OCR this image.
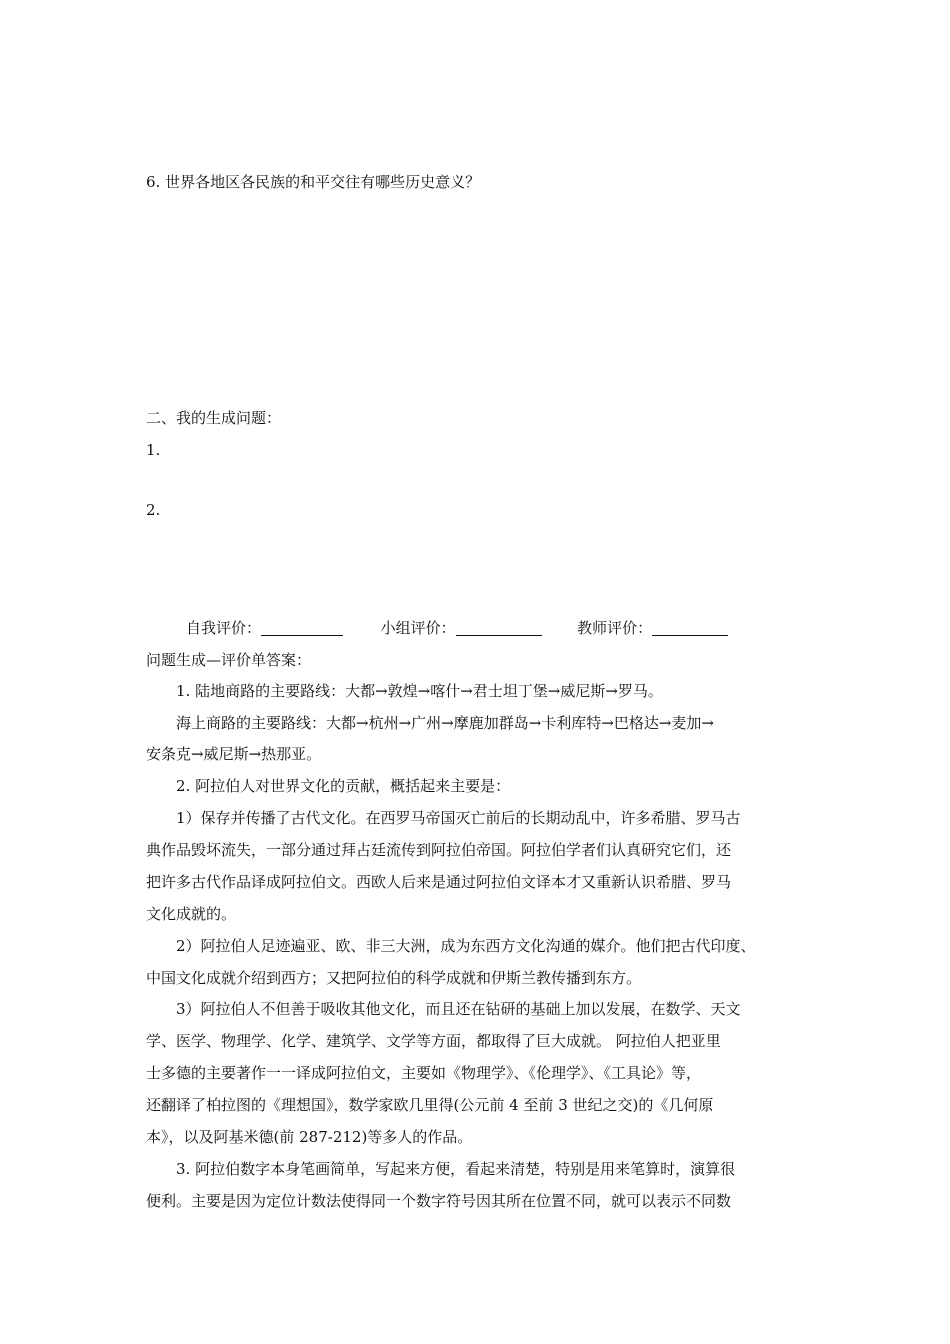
6. 世界各地区各民族的和平交往有哪些历史意义？
二、我的生成问题：
1.
2.
自我评价：	小组评价：	教师评价：
问题生成—评价单答案：
1. 陆地商路的主要路线：大都→敦煌→喀什→君士坦丁堡→威尼斯→罗马。
海上商路的主要路线：大都→杭州→广州→摩鹿加群岛→卡利库特→巴格达→麦加→
安条克→威尼斯→热那亚。
2. 阿拉伯人对世界文化的贡献，概括起来主要是：
1）保存并传播了古代文化。在西罗马帝国灭亡前后的长期动乱中，许多希腊、罗马古
典作品毁坏流失，一部分通过拜占廷流传到阿拉伯帝国。阿拉伯学者们认真研究它们，还
把许多古代作品译成阿拉伯文。西欧人后来是通过阿拉伯文译本才又重新认识希腊、罗马
文化成就的。
2）阿拉伯人足迹遍亚、欧、非三大洲，成为东西方文化沟通的媒介。他们把古代印度、
中国文化成就介绍到西方；又把阿拉伯的科学成就和伊斯兰教传播到东方。
3）阿拉伯人不但善于吸收其他文化，而且还在钻研的基础上加以发展，在数学、天文
学、医学、物理学、化学、建筑学、文学等方面，都取得了巨大成就。 阿拉伯人把亚里
士多德的主要著作一一译成阿拉伯文，主要如《物理学》、《伦理学》、《工具论》等，
还翻译了柏拉图的《理想国》，数学家欧几里得(公元前 4 至前 3 世纪之交)的《几何原
本》，以及阿基米德(前 287-212)等多人的作品。
3. 阿拉伯数字本身笔画简单，写起来方便，看起来清楚，特别是用来笔算时，演算很
便利。主要是因为定位计数法使得同一个数字符号因其所在位置不同，就可以表示不同数
